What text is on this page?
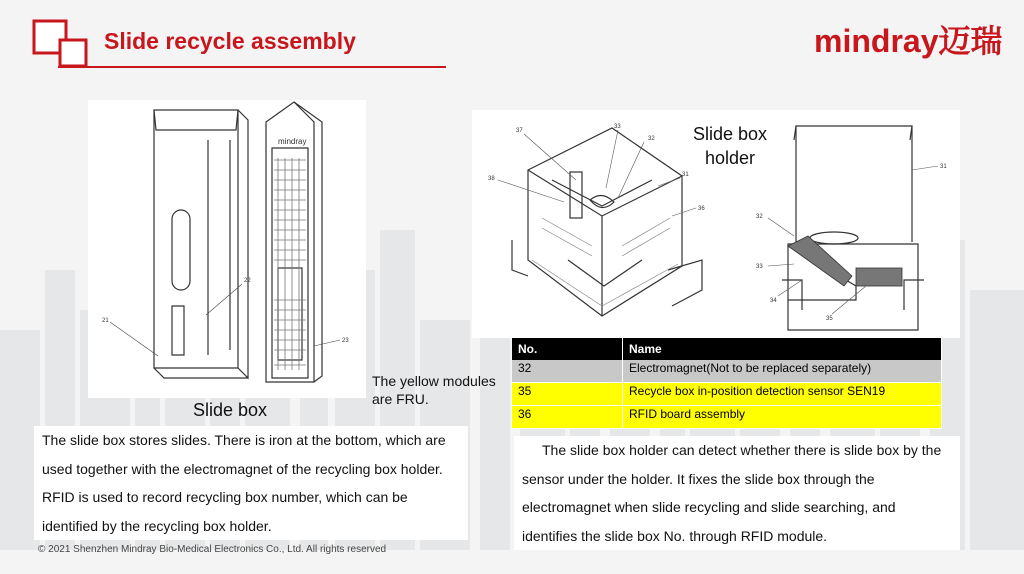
Slide recycle assembly	mindray迈瑞
mindray
21
22
23
Slide box
37
33
32
38
31
36
31
32
33
34
35
Slide box holder
The yellow modules are FRU.
No.	Name
32	Electromagnet(Not to be replaced separately)
35	Recycle box in-position detection sensor SEN19
36	RFID board assembly
The slide box stores slides. There is iron at the bottom, which are used together with the electromagnet of the recycling box holder. RFID is used to record recycling box number, which can be identified by the recycling box holder.
The slide box holder can detect whether there is slide box by the sensor under the holder. It fixes the slide box through the electromagnet when slide recycling and slide searching, and identifies the slide box No. through RFID module.
© 2021 Shenzhen Mindray Bio-Medical Electronics Co., Ltd. All rights reserved
